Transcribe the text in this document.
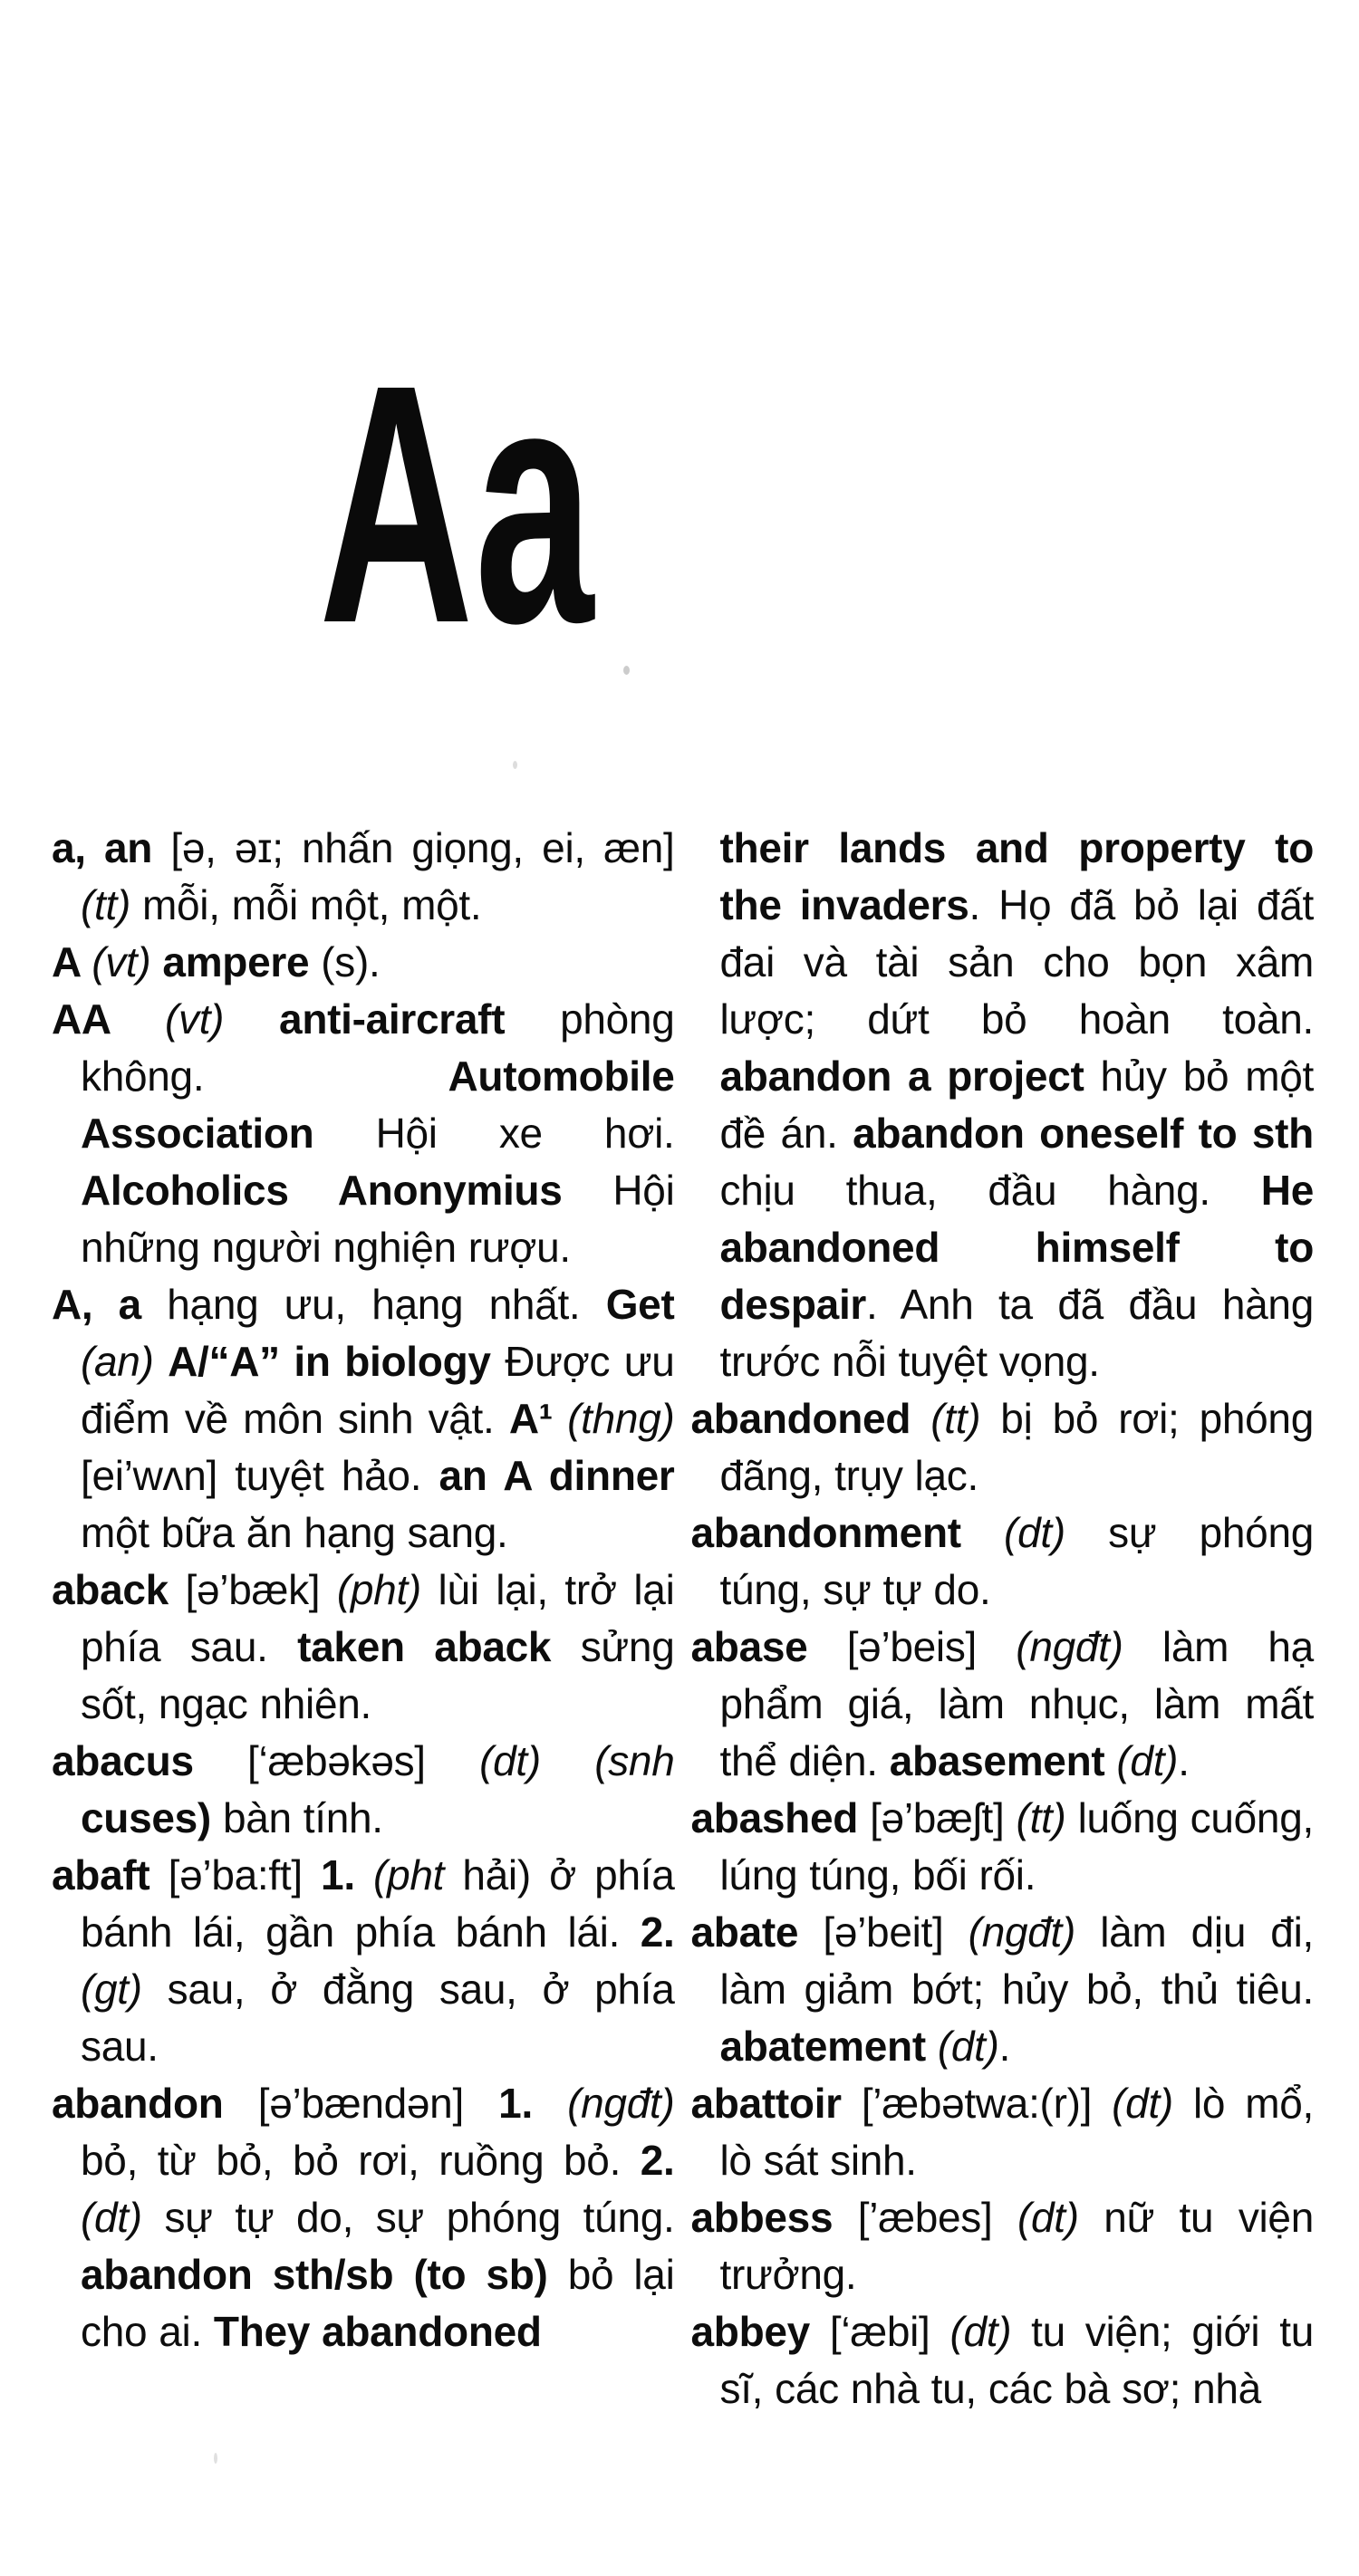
Aa

a, an [ə, əɪ; nhấn giọng, ei, æn] (tt) mỗi, mỗi một, một.

A (vt) ampere (s).

AA (vt) anti-aircraft phòng không. Automobile Association Hội xe hơi. Alcoholics Anonymius Hội những người nghiện rượu.

A, a hạng ưu, hạng nhất. Get (an) A/“A” in biology Được ưu điểm về môn sinh vật. A¹ (thng) [ei’wʌn] tuyệt hảo. an A dinner một bữa ăn hạng sang.

aback [ə’bæk] (pht) lùi lại, trở lại phía sau. taken aback sửng sốt, ngạc nhiên.

abacus [‘æbəkəs] (dt) (snh cuses) bàn tính.

abaft [ə’ba:ft] 1. (pht hải) ở phía bánh lái, gần phía bánh lái. 2. (gt) sau, ở đằng sau, ở phía sau.

abandon [ə’bændən] 1. (ngđt) bỏ, từ bỏ, bỏ rơi, ruồng bỏ. 2. (dt) sự tự do, sự phóng túng. abandon sth/sb (to sb) bỏ lại cho ai. They abandoned

their lands and property to the invaders. Họ đã bỏ lại đất đai và tài sản cho bọn xâm lược; dứt bỏ hoàn toàn. abandon a project hủy bỏ một đề án. abandon oneself to sth chịu thua, đầu hàng. He abandoned himself to despair. Anh ta đã đầu hàng trước nỗi tuyệt vọng.

abandoned (tt) bị bỏ rơi; phóng đãng, trụy lạc.

abandonment (dt) sự phóng túng, sự tự do.

abase [ə’beis] (ngđt) làm hạ phẩm giá, làm nhục, làm mất thể diện. abasement (dt).

abashed [ə’bæʃt] (tt) luống cuống, lúng túng, bối rối.

abate [ə’beit] (ngđt) làm dịu đi, làm giảm bớt; hủy bỏ, thủ tiêu. abatement (dt).

abattoir [’æbətwa:(r)] (dt) lò mổ, lò sát sinh.

abbess [’æbes] (dt) nữ tu viện trưởng.

abbey [‘æbi] (dt) tu viện; giới tu sĩ, các nhà tu, các bà sơ; nhà
